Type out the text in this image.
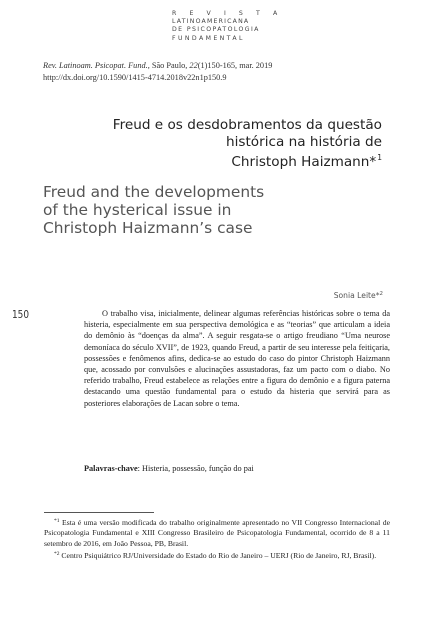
R E V I S T A
LATINOAMERICANA
DE PSICOPATOLOGIA
FUNDAMENTAL
Rev. Latinoam. Psicopat. Fund., São Paulo, 22(1)150-165, mar. 2019
http://dx.doi.org/10.1590/1415-4714.2018v22n1p150.9
Freud e os desdobramentos da questão
histórica na história de
Christoph Haizmann*$^1$
Freud and the developments
of the hysterical issue in
Christoph Haizmann’s case
Sonia Leite*$^2$
150	O trabalho visa, inicialmente, delinear algumas referências históricas sobre o tema da histeria, especialmente em sua perspectiva demológica e as “teorias” que articulam a ideia do demônio às “doenças da alma”. A seguir resgata-se o artigo freudiano “Uma neurose demoníaca do século XVII”, de 1923, quando Freud, a partir de seu interesse pela feitiçaria, possessões e fenômenos afins, dedica-se ao estudo do caso do pintor Christoph Haizmann que, acossado por convulsões e alucinações assustadoras, faz um pacto com o diabo. No referido trabalho, Freud estabelece as relações entre a figura do demônio e a figura paterna destacando uma questão fundamental para o estudo da histeria que servirá para as posteriores elaborações de Lacan sobre o tema.

Palavras-chave: Histeria, possessão, função do pai

$^{*1}$ Esta é uma versão modificada do trabalho originalmente apresentado no VII Congresso Internacional de Psicopatologia Fundamental e XIII Congresso Brasileiro de Psicopatologia Fundamental, ocorrido de 8 a 11 setembro de 2016, em João Pessoa, PB, Brasil.

$^{*2}$ Centro Psiquiátrico RJ/Universidade do Estado do Rio de Janeiro – UERJ (Rio de Janeiro, RJ, Brasil).
